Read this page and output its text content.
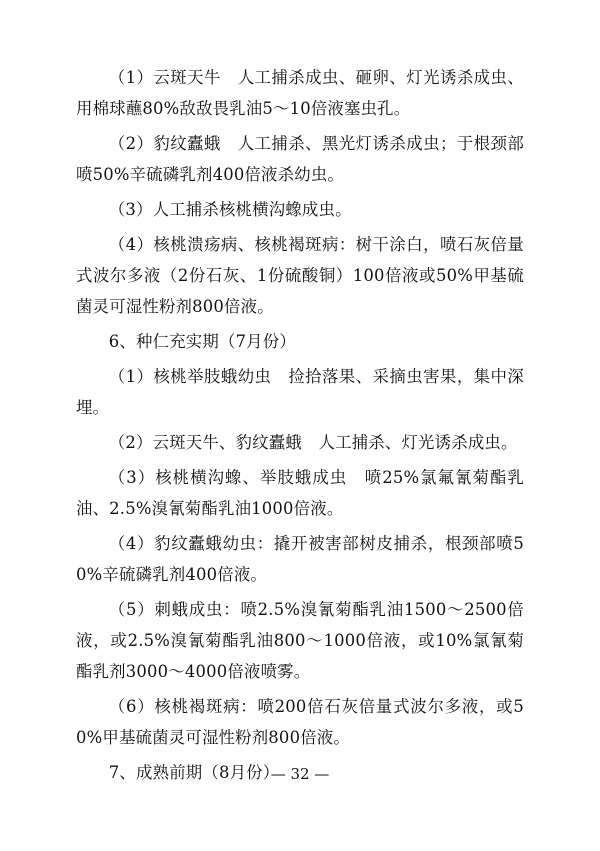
（1）云斑天牛　人工捕杀成虫、砸卵、灯光诱杀成虫、用棉球蘸80%敌敌畏乳油5～10倍液塞虫孔。

（2）豹纹蠹蛾　人工捕杀、黑光灯诱杀成虫；于根颈部喷50%辛硫磷乳剂400倍液杀幼虫。

（3）人工捕杀核桃横沟蟓成虫。

（4）核桃溃疡病、核桃褐斑病：树干涂白，喷石灰倍量式波尔多液（2份石灰、1份硫酸铜）100倍液或50%甲基硫菌灵可湿性粉剂800倍液。

6、种仁充实期（7月份）

（1）核桃举肢蛾幼虫　捡拾落果、采摘虫害果，集中深埋。

（2）云斑天牛、豹纹蠹蛾　人工捕杀、灯光诱杀成虫。

（3）核桃横沟蟓、举肢蛾成虫　喷25%氯氟氰菊酯乳油、2.5%溴氰菊酯乳油1000倍液。

（4）豹纹蠹蛾幼虫：撬开被害部树皮捕杀，根颈部喷50%辛硫磷乳剂400倍液。

（5）刺蛾成虫：喷2.5%溴氰菊酯乳油1500～2500倍液，或2.5%溴氰菊酯乳油800～1000倍液，或10%氯氰菊酯乳剂3000～4000倍液喷雾。

（6）核桃褐斑病：喷200倍石灰倍量式波尔多液，或50%甲基硫菌灵可湿性粉剂800倍液。

7、成熟前期（8月份）

— 32 —
